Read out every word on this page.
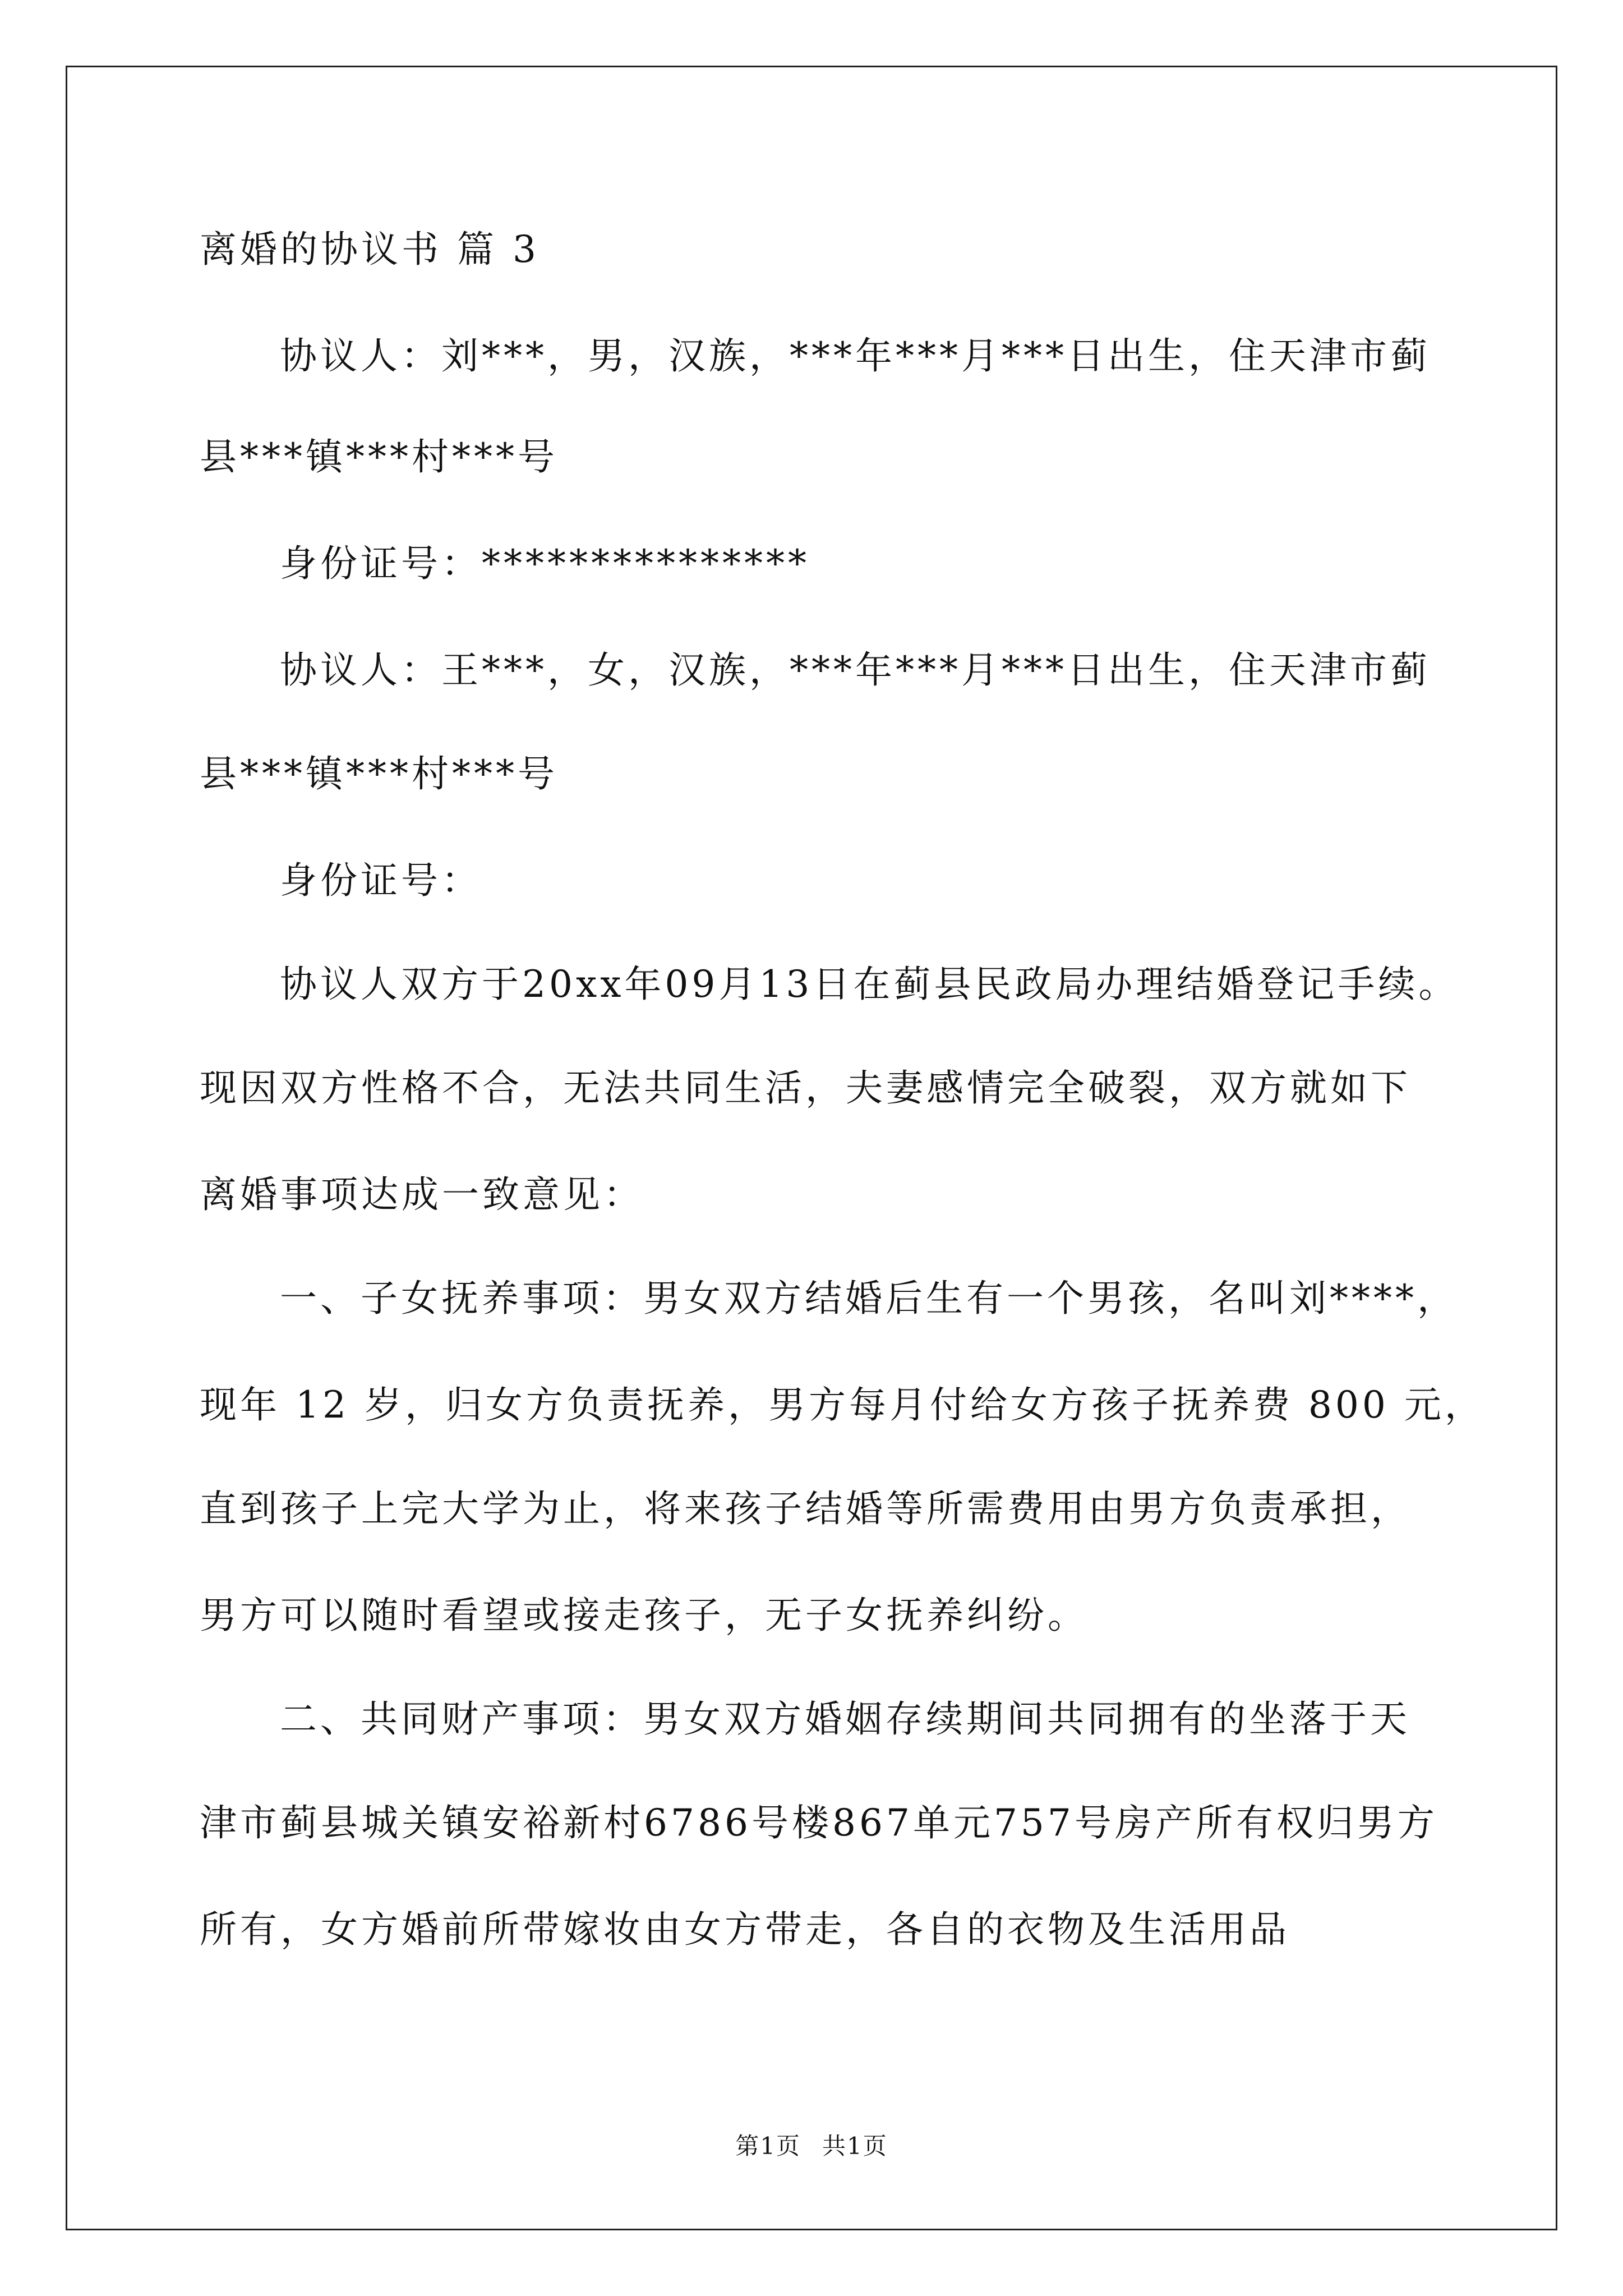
离婚的协议书 篇 3
协议人：刘***，男，汉族，***年***月***日出生，住天津市蓟
县***镇***村***号
身份证号：***************
协议人：王***，女，汉族，***年***月***日出生，住天津市蓟
县***镇***村***号
身份证号：
协议人双方于20xx年09月13日在蓟县民政局办理结婚登记手续。
现因双方性格不合，无法共同生活，夫妻感情完全破裂，双方就如下
离婚事项达成一致意见：
一、子女抚养事项：男女双方结婚后生有一个男孩，名叫刘****，
现年 12 岁，归女方负责抚养，男方每月付给女方孩子抚养费 800 元，
直到孩子上完大学为止，将来孩子结婚等所需费用由男方负责承担，
男方可以随时看望或接走孩子，无子女抚养纠纷。
二、共同财产事项：男女双方婚姻存续期间共同拥有的坐落于天
津市蓟县城关镇安裕新村6786号楼867单元757号房产所有权归男方
所有，女方婚前所带嫁妆由女方带走，各自的衣物及生活用品
第1页 共1页
